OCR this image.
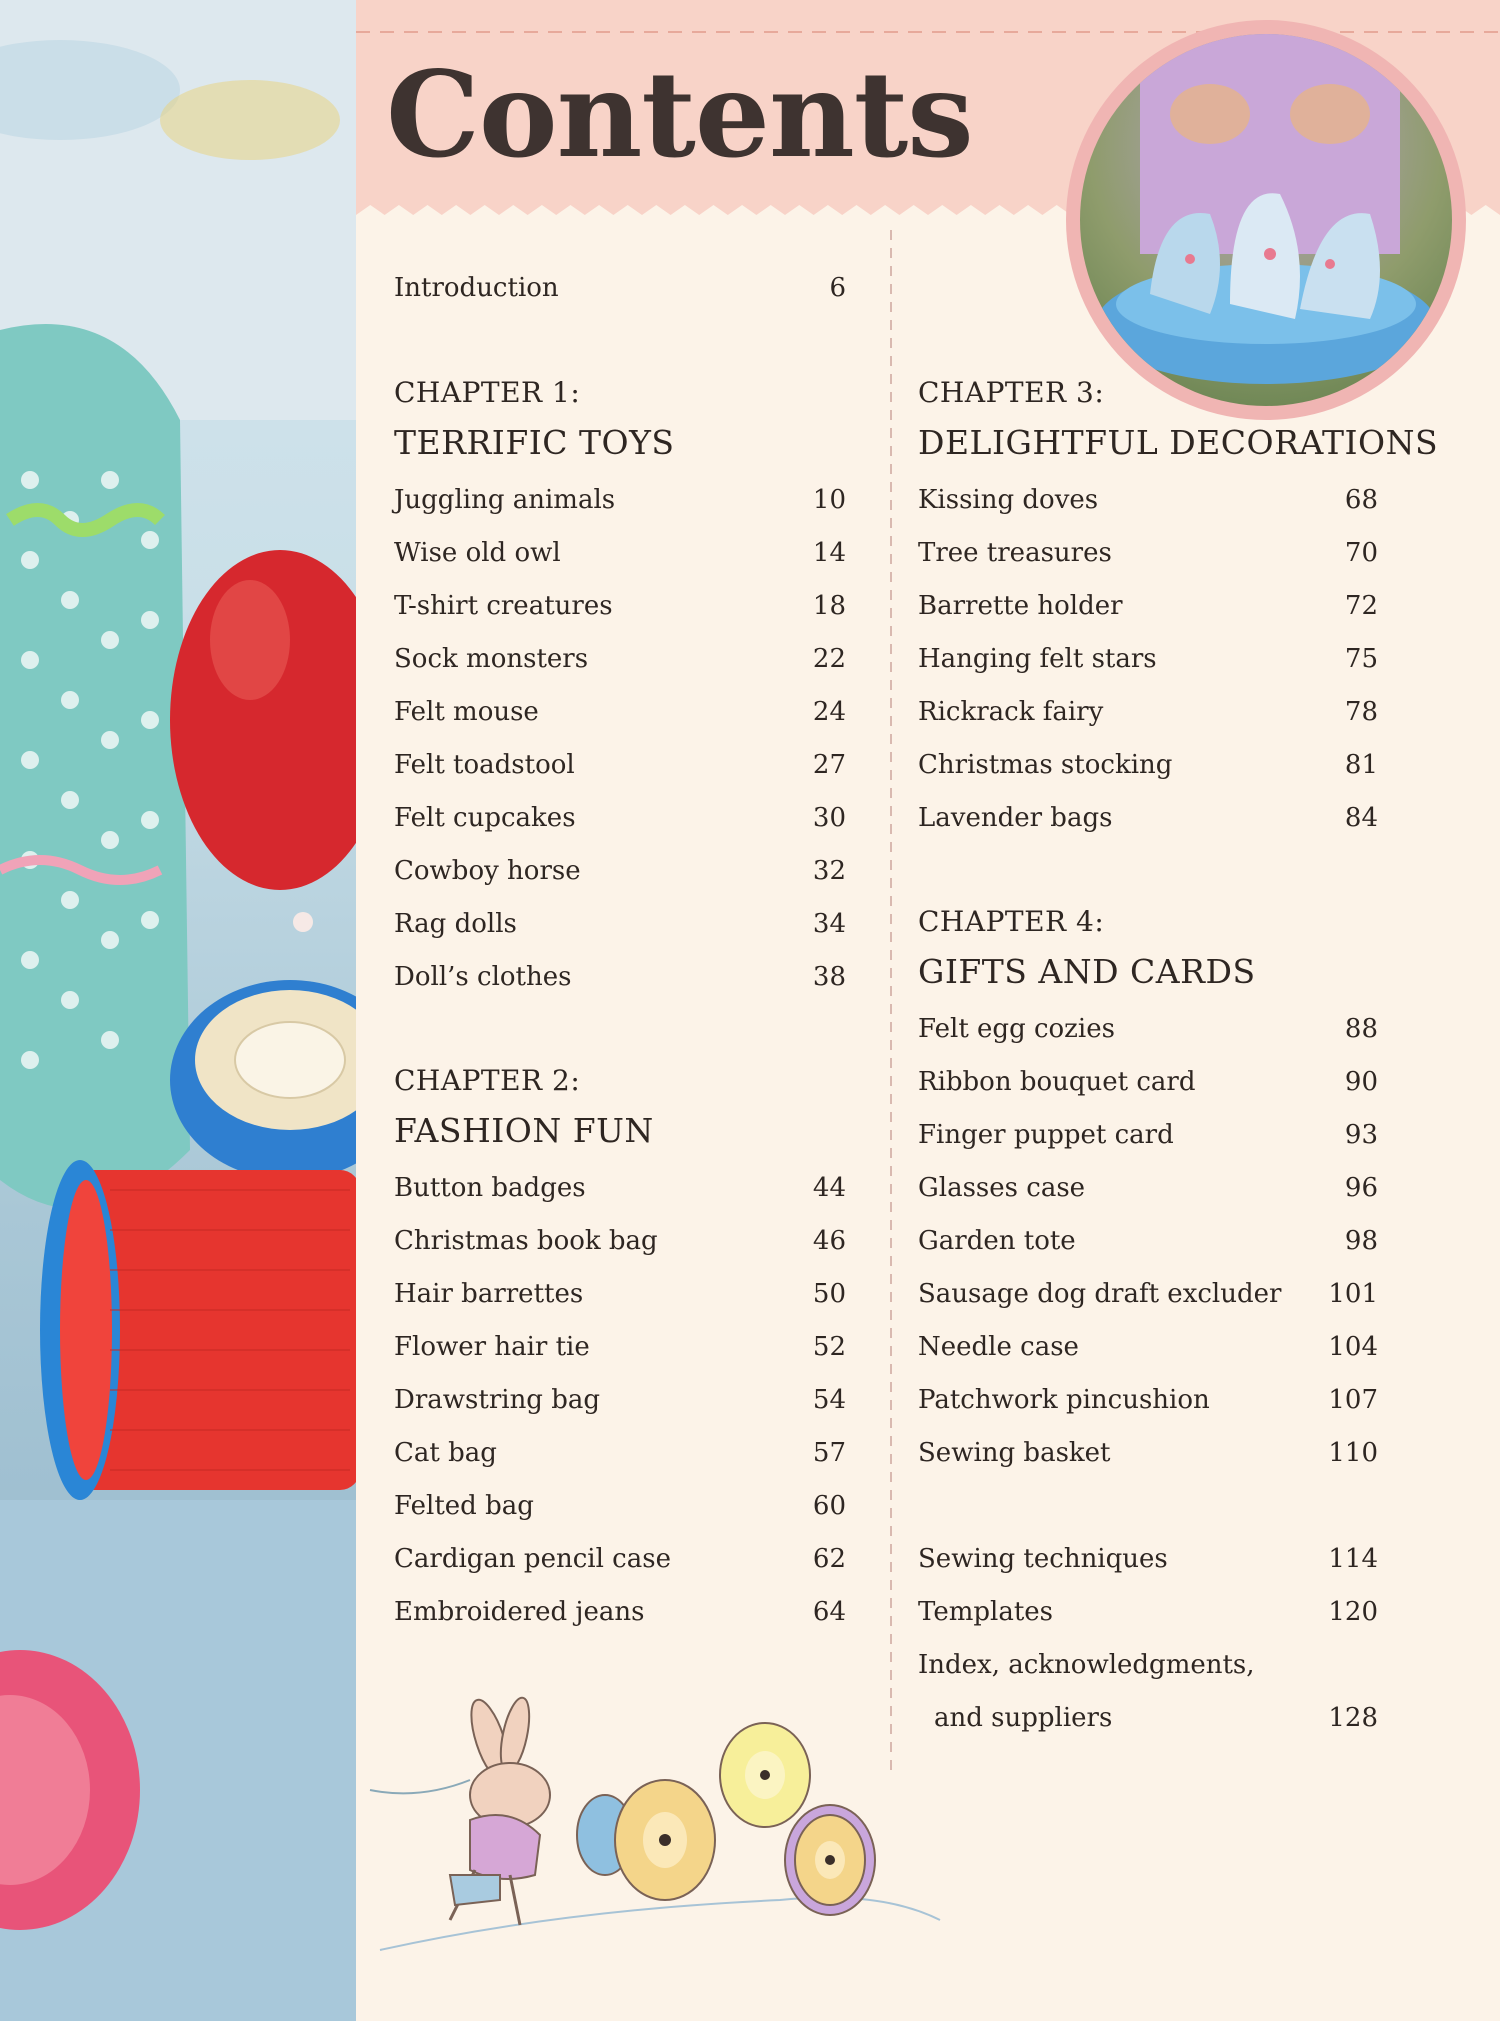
Contents
Introduction	6
CHAPTER 1:
TERRIFIC TOYS
Juggling animals	10
Wise old owl	14
T-shirt creatures	18
Sock monsters	22
Felt mouse	24
Felt toadstool	27
Felt cupcakes	30
Cowboy horse	32
Rag dolls	34
Doll’s clothes	38
CHAPTER 2:
FASHION FUN
Button badges	44
Christmas book bag	46
Hair barrettes	50
Flower hair tie	52
Drawstring bag	54
Cat bag	57
Felted bag	60
Cardigan pencil case	62
Embroidered jeans	64
CHAPTER 3:
DELIGHTFUL DECORATIONS
Kissing doves	68
Tree treasures	70
Barrette holder	72
Hanging felt stars	75
Rickrack fairy	78
Christmas stocking	81
Lavender bags	84
CHAPTER 4:
GIFTS AND CARDS
Felt egg cozies	88
Ribbon bouquet card	90
Finger puppet card	93
Glasses case	96
Garden tote	98
Sausage dog draft excluder 101
Needle case	104
Patchwork pincushion	107
Sewing basket	110
Sewing techniques	114
Templates	120
Index, acknowledgments,
and suppliers	128
